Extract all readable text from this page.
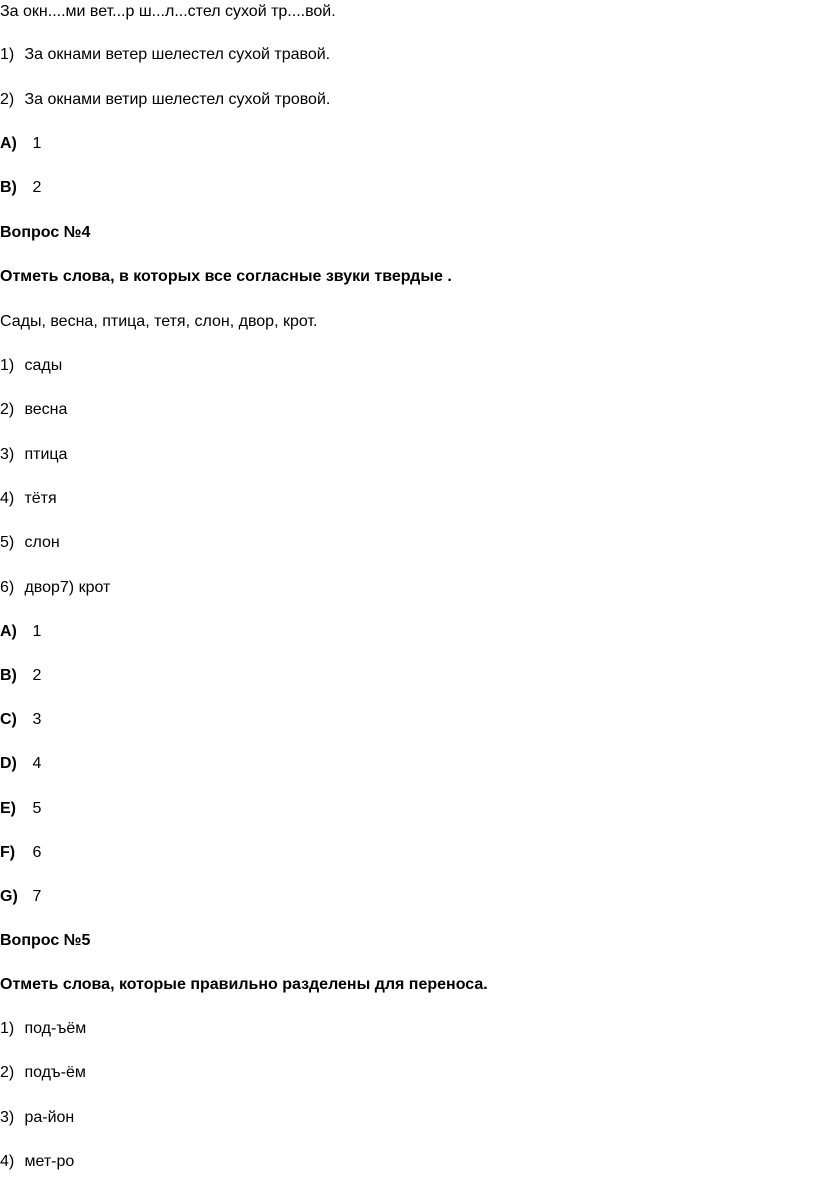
За окн....ми вет...р ш...л...стел сухой тр....вой.
1) За окнами ветер шелестел сухой травой.
2) За окнами ветир шелестел сухой тровой.
A) 1
B) 2
Вопрос №4
Отметь слова, в которых все согласные звуки твердые .
Сады, весна, птица, тетя, слон, двор, крот.
1) сады
2) весна
3) птица
4) тётя
5) слон
6) двор7) крот
A) 1
B) 2
C) 3
D) 4
E) 5
F) 6
G) 7
Вопрос №5
Отметь слова, которые правильно разделены для переноса.
1) под-ъём
2) подъ-ём
3) ра-йон
4) мет-ро
